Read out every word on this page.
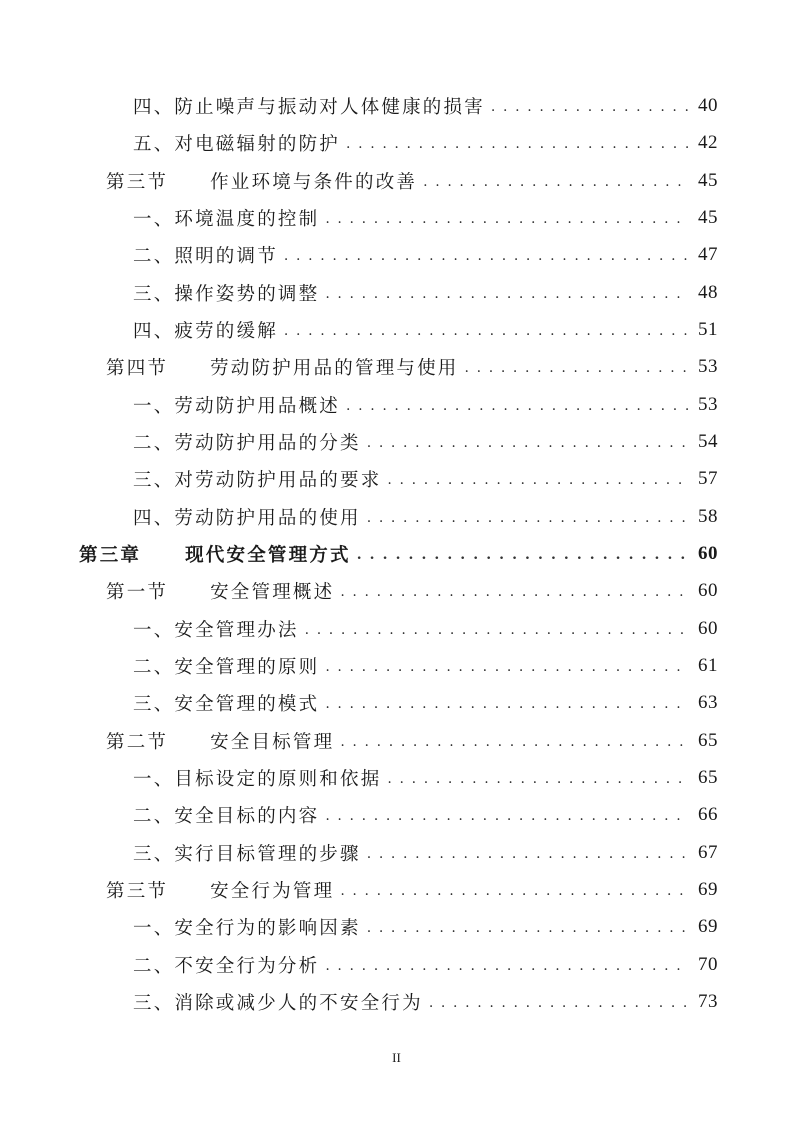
四、 防止噪声与振动对人体健康的损害 . . .	40
五、 对电磁辐射的防护 . . .	42
第三节 作业环境与条件的改善 . . .	45
一、 环境温度的控制 . . .	45
二、 照明的调节 . . .	47
三、 操作姿势的调整 . . .	48
四、 疲劳的缓解 . . .	51
第四节 劳动防护用品的管理与使用 . . .	53
一、 劳动防护用品概述 . . .	53
二、 劳动防护用品的分类 . . .	54
三、 对劳动防护用品的要求 . . .	57
四、 劳动防护用品的使用 . . .	58
第三章 现代安全管理方式 . . .	60
第一节 安全管理概述 . . .	60
一、 安全管理办法 . . .	60
二、 安全管理的原则 . . .	61
三、 安全管理的模式 . . .	63
第二节 安全目标管理 . . .	65
一、 目标设定的原则和依据 . . .	65
二、 安全目标的内容 . . .	66
三、 实行目标管理的步骤 . . .	67
第三节 安全行为管理 . . .	69
一、 安全行为的影响因素 . . .	69
二、 不安全行为分析 . . .	70
三、 消除或减少人的不安全行为 . . .	73
II
